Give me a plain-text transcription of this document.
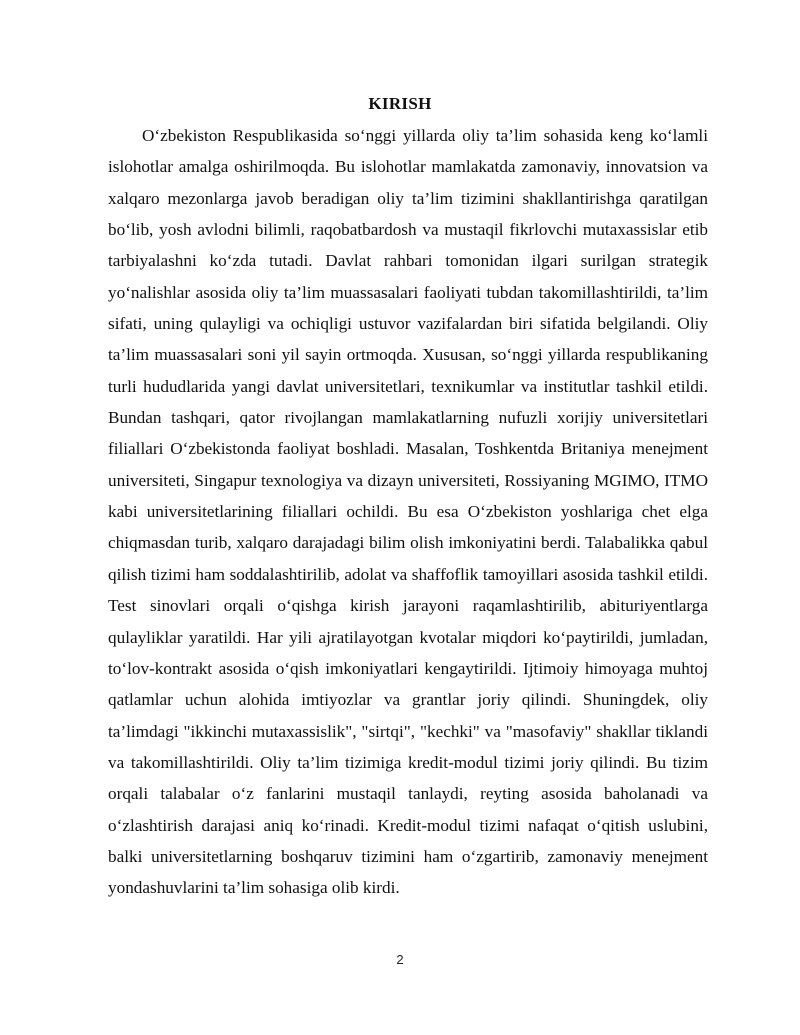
KIRISH
O‘zbekiston Respublikasida so‘nggi yillarda oliy ta’lim sohasida keng ko‘lamli islohotlar amalga oshirilmoqda. Bu islohotlar mamlakatda zamonaviy, innovatsion va xalqaro mezonlarga javob beradigan oliy ta’lim tizimini shakllantirishga qaratilgan bo‘lib, yosh avlodni bilimli, raqobatbardosh va mustaqil fikrlovchi mutaxassislar etib tarbiyalashni ko‘zda tutadi. Davlat rahbari tomonidan ilgari surilgan strategik yo‘nalishlar asosida oliy ta’lim muassasalari faoliyati tubdan takomillashtirildi, ta’lim sifati, uning qulayligi va ochiqligi ustuvor vazifalardan biri sifatida belgilandi. Oliy ta’lim muassasalari soni yil sayin ortmoqda. Xususan, so‘nggi yillarda respublikaning turli hududlarida yangi davlat universitetlari, texnikumlar va institutlar tashkil etildi. Bundan tashqari, qator rivojlangan mamlakatlarning nufuzli xorijiy universitetlari filiallari O‘zbekistonda faoliyat boshladi. Masalan, Toshkentda Britaniya menejment universiteti, Singapur texnologiya va dizayn universiteti, Rossiyaning MGIMO, ITMO kabi universitetlarining filiallari ochildi. Bu esa O‘zbekiston yoshlariga chet elga chiqmasdan turib, xalqaro darajadagi bilim olish imkoniyatini berdi. Talabalikka qabul qilish tizimi ham soddalashtirilib, adolat va shaffoflik tamoyillari asosida tashkil etildi. Test sinovlari orqali o‘qishga kirish jarayoni raqamlashtirilib, abituriyentlarga qulayliklar yaratildi. Har yili ajratilayotgan kvotalar miqdori ko‘paytirildi, jumladan, to‘lov-kontrakt asosida o‘qish imkoniyatlari kengaytirildi. Ijtimoiy himoyaga muhtoj qatlamlar uchun alohida imtiyozlar va grantlar joriy qilindi. Shuningdek, oliy ta’limdagi "ikkinchi mutaxassislik", "sirtqi", "kechki" va "masofaviy" shakllar tiklandi va takomillashtirildi. Oliy ta’lim tizimiga kredit-modul tizimi joriy qilindi. Bu tizim orqali talabalar o‘z fanlarini mustaqil tanlaydi, reyting asosida baholanadi va o‘zlashtirish darajasi aniq ko‘rinadi. Kredit-modul tizimi nafaqat o‘qitish uslubini, balki universitetlarning boshqaruv tizimini ham o‘zgartirib, zamonaviy menejment yondashuvlarini ta’lim sohasiga olib kirdi.
2
